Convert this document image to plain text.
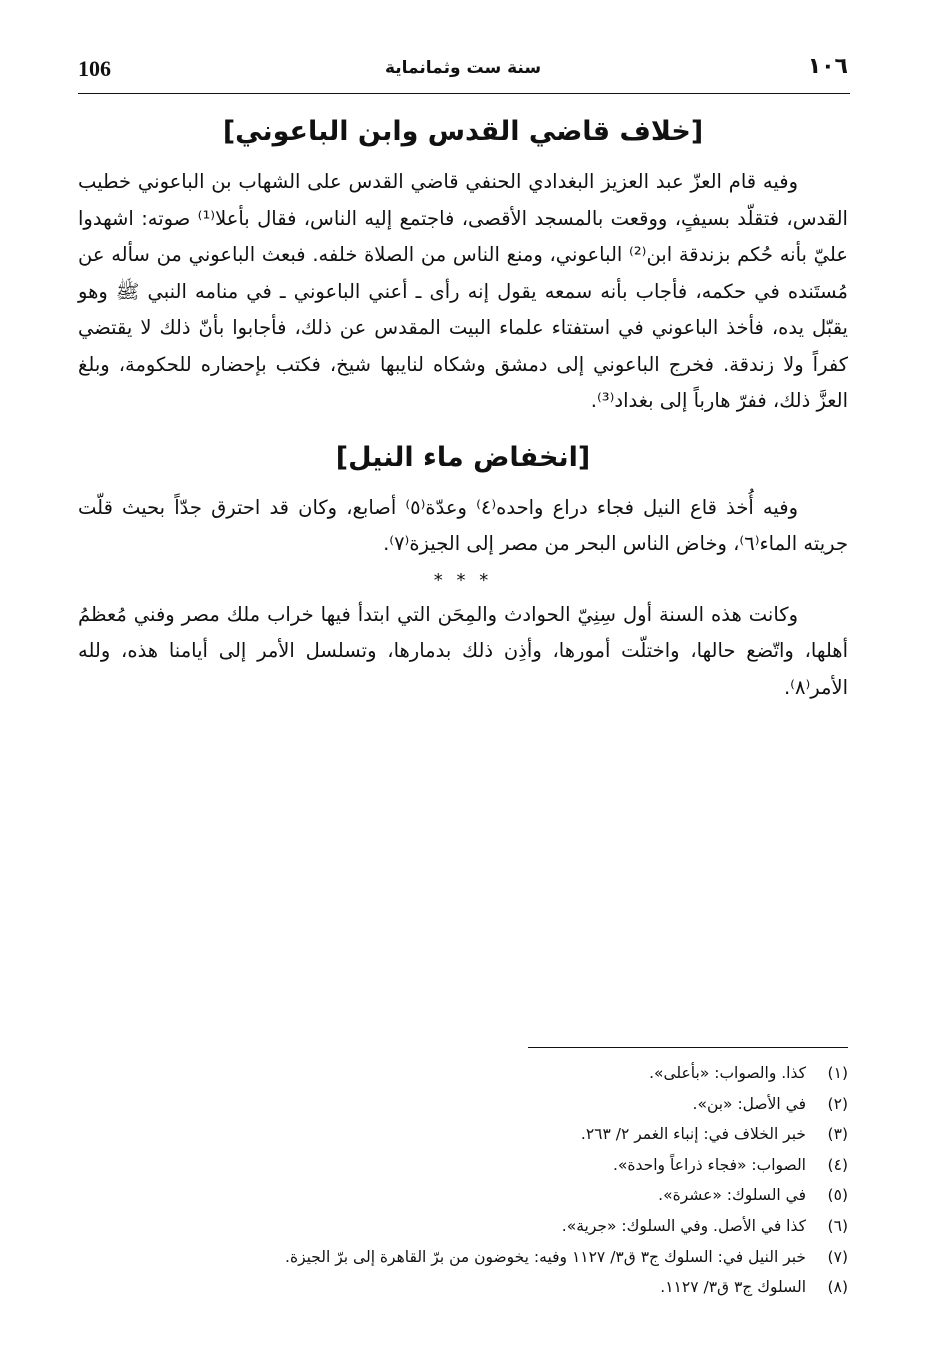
106	سنة ست وثمانماية	١٠٦
[خلاف قاضي القدس وابن الباعوني]

وفيه قام العزّ عبد العزيز البغدادي الحنفي قاضي القدس على الشهاب بن الباعوني خطيب القدس، فتقلّد بسيفٍ، ووقعت بالمسجد الأقصى، فاجتمع إليه الناس، فقال بأعلا⁽¹⁾ صوته: اشهدوا عليّ بأنه حُكم بزندقة ابن⁽²⁾ الباعوني، ومنع الناس من الصلاة خلفه. فبعث الباعوني من سأله عن مُستَنده في حكمه، فأجاب بأنه سمعه يقول إنه رأى ـ أعني الباعوني ـ في منامه النبي ﷺ وهو يقبّل يده، فأخذ الباعوني في استفتاء علماء البيت المقدس عن ذلك، فأجابوا بأنّ ذلك لا يقتضي كفراً ولا زندقة. فخرج الباعوني إلى دمشق وشكاه لنايبها شيخ، فكتب بإحضاره للحكومة، وبلغ العزَّ ذلك، ففرّ هارباً إلى بغداد⁽³⁾.

[انخفاض ماء النيل]

وفيه أُخذ قاع النيل فجاء دراع واحده⁽٤⁾ وعدّة⁽٥⁾ أصابع، وكان قد احترق جدّاً بحيث قلّت جريته الماء⁽٦⁾، وخاض الناس البحر من مصر إلى الجيزة⁽٧⁾.

* * *

وكانت هذه السنة أول سِنِيّ الحوادث والمِحَن التي ابتدأ فيها خراب ملك مصر وفني مُعظمُ أهلها، واتّضع حالها، واختلّت أمورها، وأذِن ذلك بدمارها، وتسلسل الأمر إلى أيامنا هذه، ولله الأمر⁽٨⁾.

(١)كذا. والصواب: «بأعلى».
(٢)في الأصل: «بن».
(٣)خبر الخلاف في: إنباء الغمر ٢/ ٢٦٣.
(٤)الصواب: «فجاء ذراعاً واحدة».
(٥)في السلوك: «عشرة».
(٦)كذا في الأصل. وفي السلوك: «جرية».
(٧)خبر النيل في: السلوك ج٣ ق٣/ ١١٢٧ وفيه: يخوضون من برّ القاهرة إلى برّ الجيزة.
(٨)السلوك ج٣ ق٣/ ١١٢٧.
